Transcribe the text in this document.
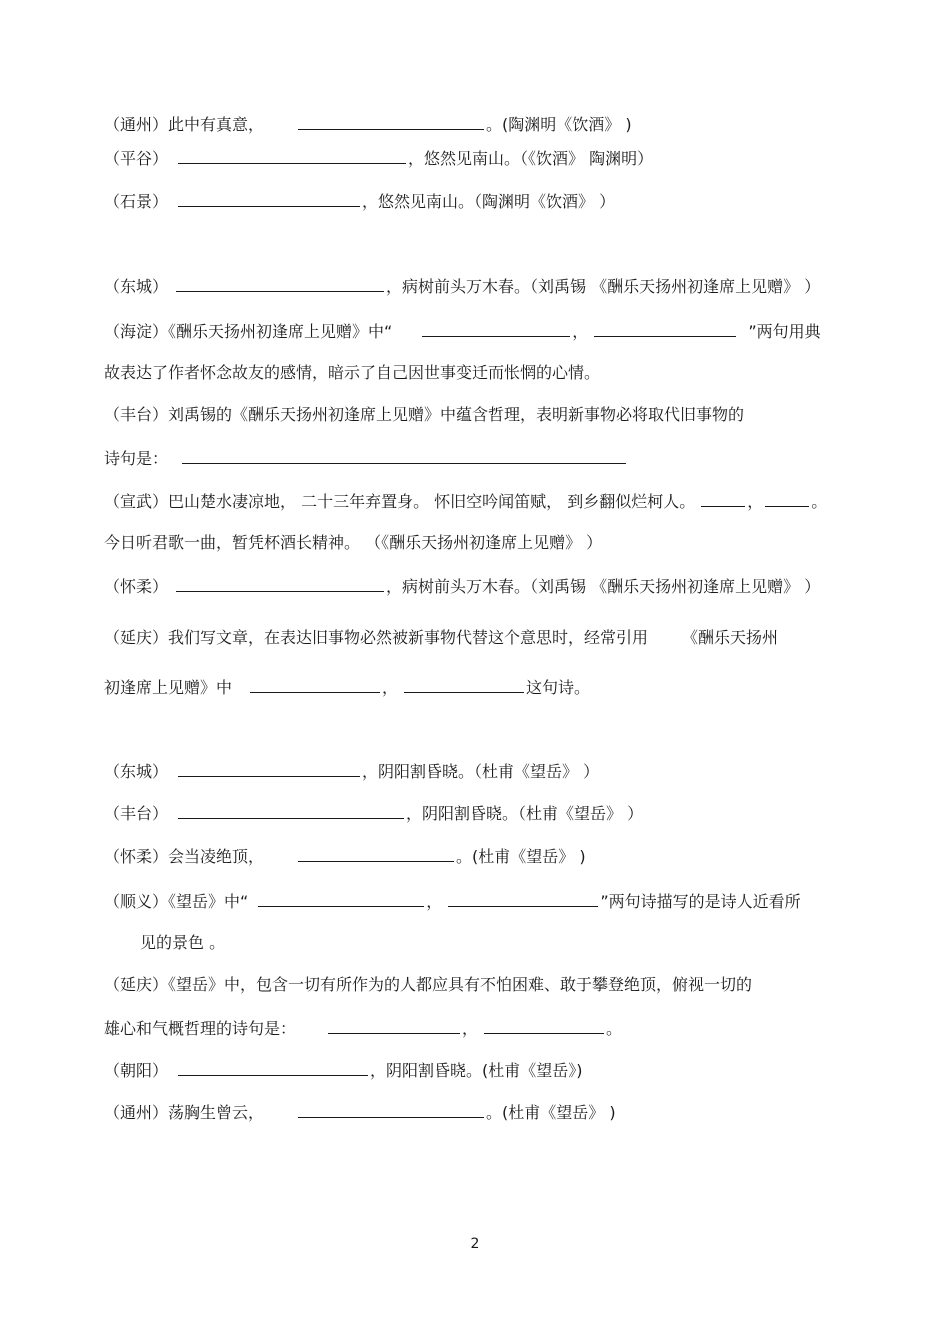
（通州）此中有真意，	。(陶渊明《饮酒》 )
（平谷）	，悠然见南山。（《饮酒》 陶渊明）
（石景）	，悠然见南山。（陶渊明《饮酒》 ）
（东城）	，病树前头万木春。（刘禹锡 《酬乐天扬州初逢席上见赠》 ）
（海淀）《酬乐天扬州初逢席上见赠》中“	，	”两句用典
故表达了作者怀念故友的感情，暗示了自己因世事变迁而怅惘的心情。
（丰台）刘禹锡的《酬乐天扬州初逢席上见赠》中蕴含哲理，表明新事物必将取代旧事物的
诗句是：
（宣武）巴山楚水凄凉地， 二十三年弃置身。 怀旧空吟闻笛赋， 到乡翻似烂柯人。	，	。
今日听君歌一曲，暂凭杯酒长精神。 （《酬乐天扬州初逢席上见赠》 ）
（怀柔）	，病树前头万木春。（刘禹锡 《酬乐天扬州初逢席上见赠》 ）
（延庆）我们写文章，在表达旧事物必然被新事物代替这个意思时，经常引用 《酬乐天扬州
初逢席上见赠》中	，	这句诗。
（东城）	，阴阳割昏晓。（杜甫《望岳》 ）
（丰台）	，阴阳割昏晓。（杜甫《望岳》 ）
（怀柔）会当凌绝顶，	。(杜甫《望岳》 )
（顺义）《望岳》中“	，	”两句诗描写的是诗人近看所
见的景色 。
（延庆）《望岳》中，包含一切有所作为的人都应具有不怕困难、敢于攀登绝顶，俯视一切的
雄心和气概哲理的诗句是：	，	。
（朝阳）	，阴阳割昏晓。(杜甫《望岳》)
（通州）荡胸生曾云，	。(杜甫《望岳》 )
2
